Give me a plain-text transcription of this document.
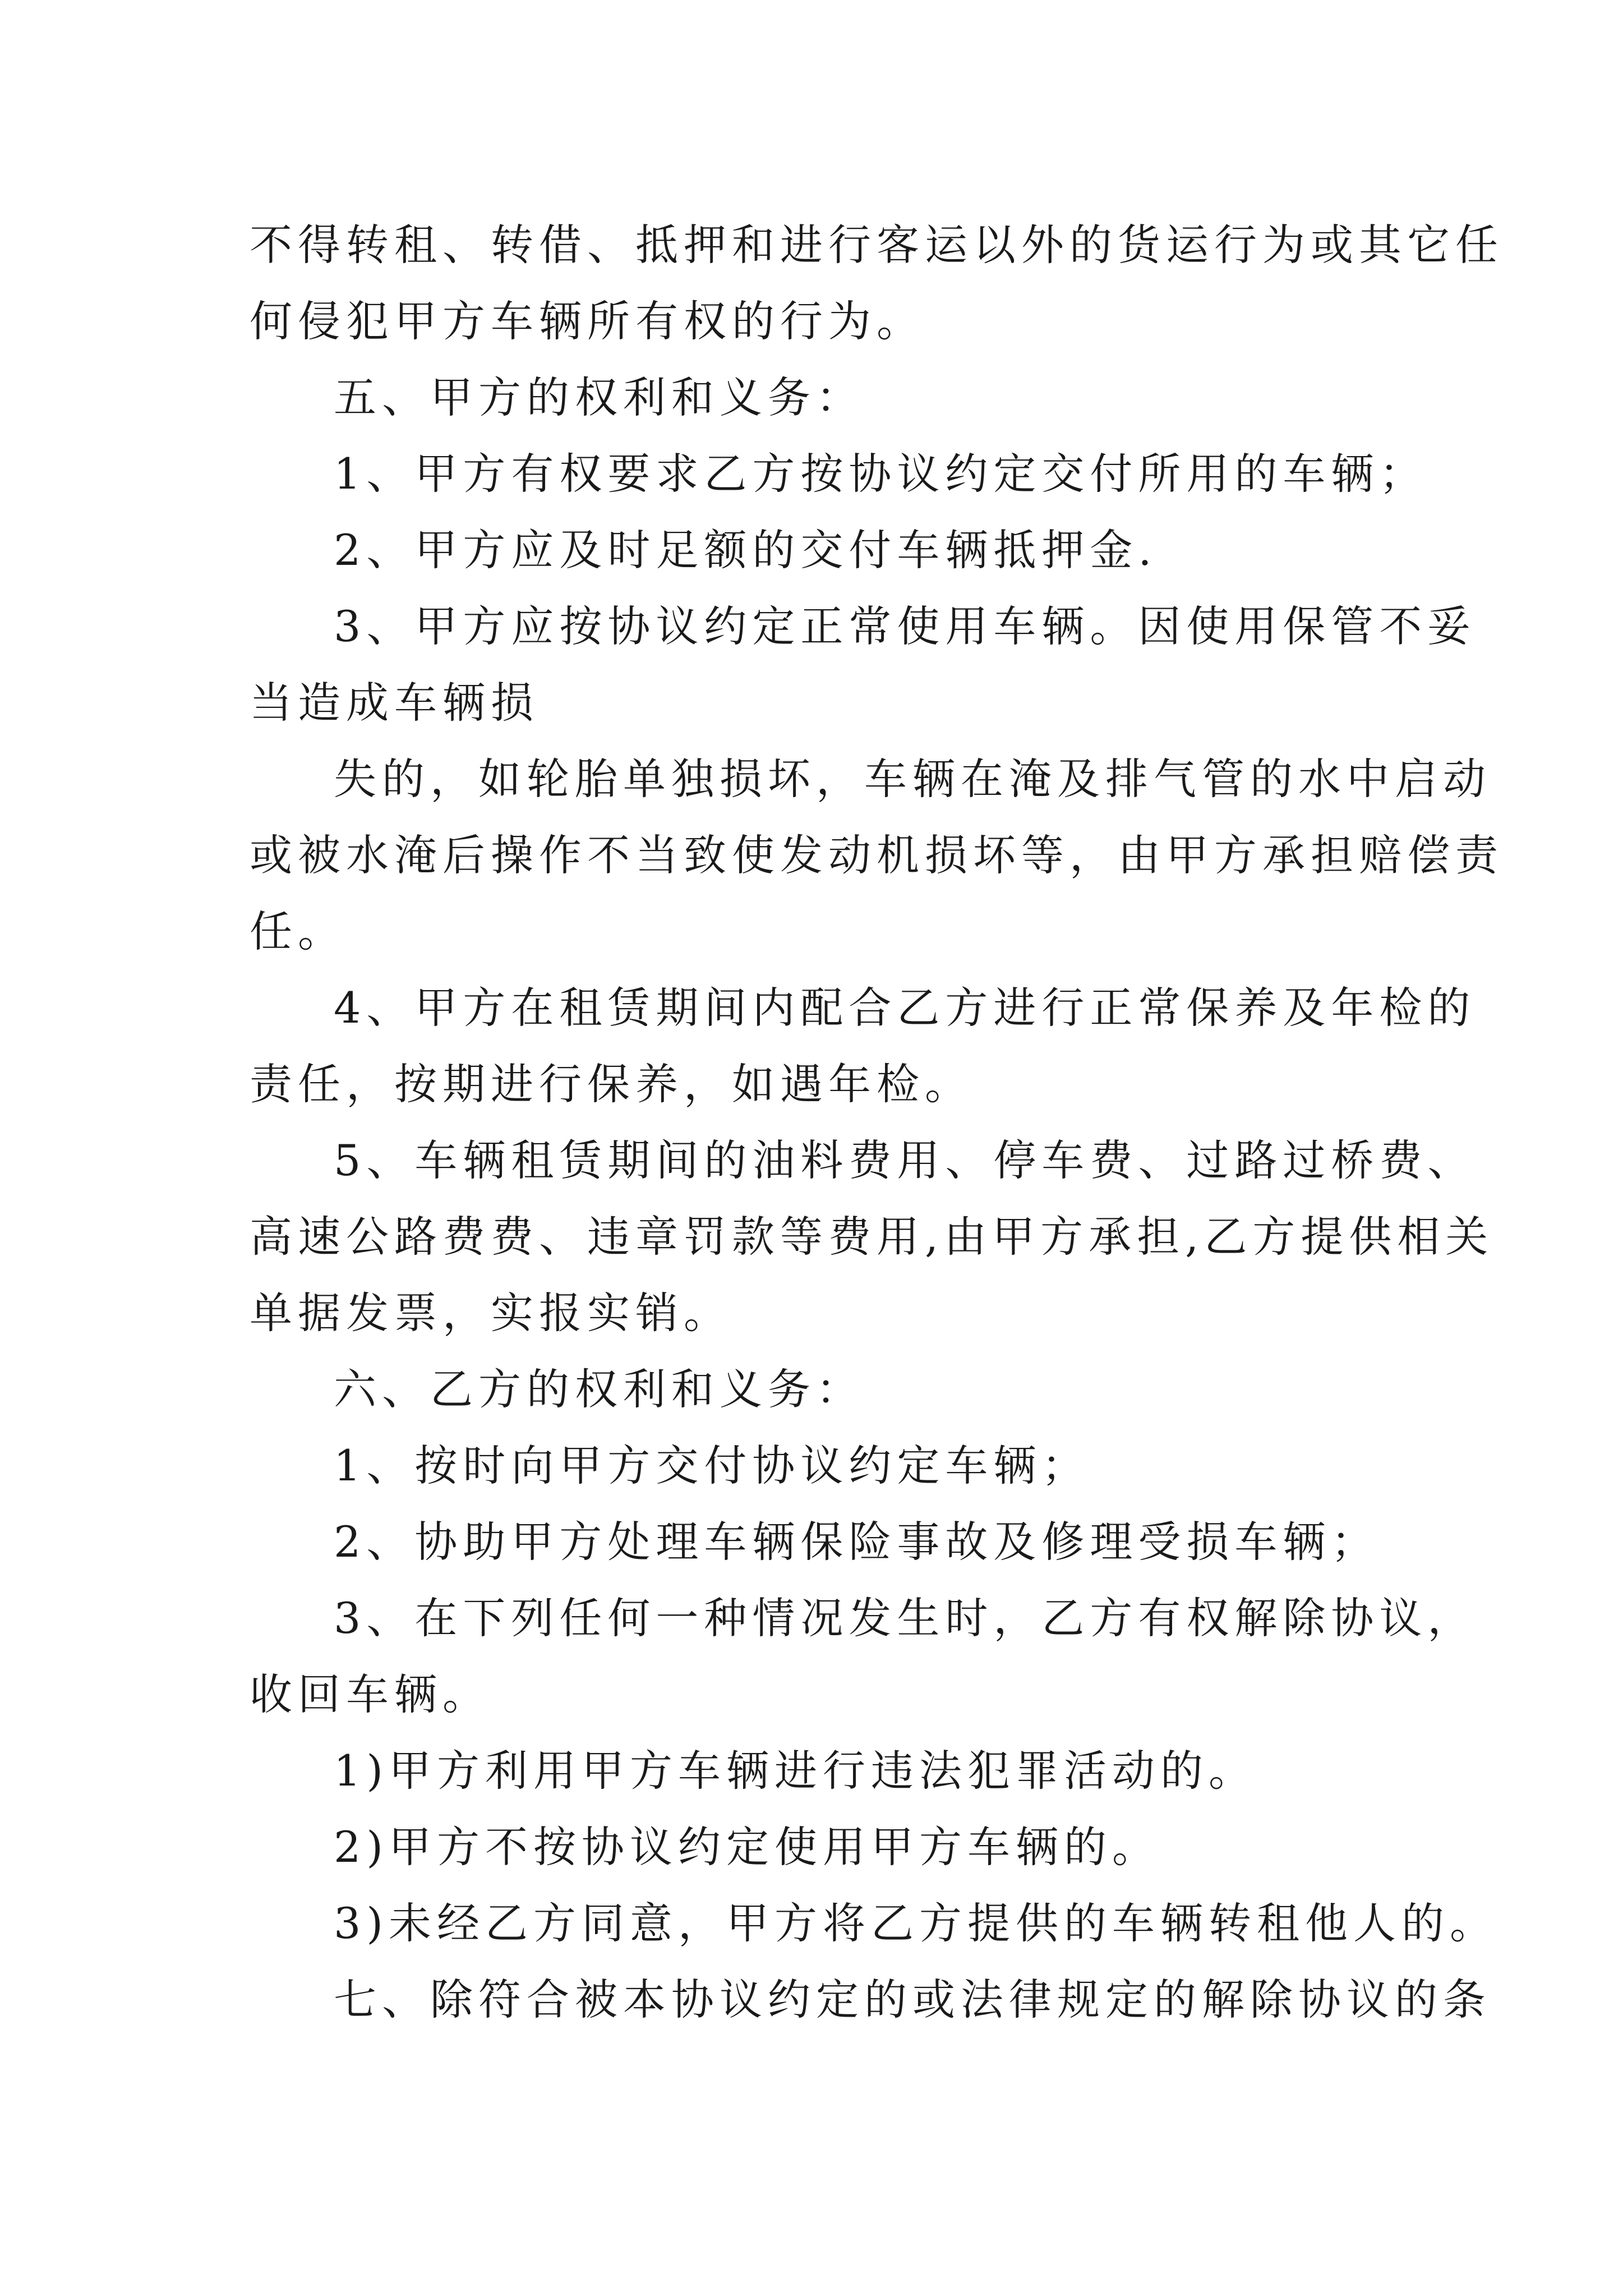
不得转租、转借、抵押和进行客运以外的货运行为或其它任
何侵犯甲方车辆所有权的行为。
五、甲方的权利和义务：
1、甲方有权要求乙方按协议约定交付所用的车辆；
2、甲方应及时足额的交付车辆抵押金.
3、甲方应按协议约定正常使用车辆。因使用保管不妥
当造成车辆损
失的，如轮胎单独损坏，车辆在淹及排气管的水中启动
或被水淹后操作不当致使发动机损坏等，由甲方承担赔偿责
任。
4、甲方在租赁期间内配合乙方进行正常保养及年检的
责任，按期进行保养，如遇年检。
5、车辆租赁期间的油料费用、停车费、过路过桥费、
高速公路费费、违章罚款等费用,由甲方承担,乙方提供相关
单据发票，实报实销。
六、乙方的权利和义务：
1、按时向甲方交付协议约定车辆；
2、协助甲方处理车辆保险事故及修理受损车辆；
3、在下列任何一种情况发生时，乙方有权解除协议，
收回车辆。
1)甲方利用甲方车辆进行违法犯罪活动的。
2)甲方不按协议约定使用甲方车辆的。
3)未经乙方同意，甲方将乙方提供的车辆转租他人的。
七、除符合被本协议约定的或法律规定的解除协议的条
